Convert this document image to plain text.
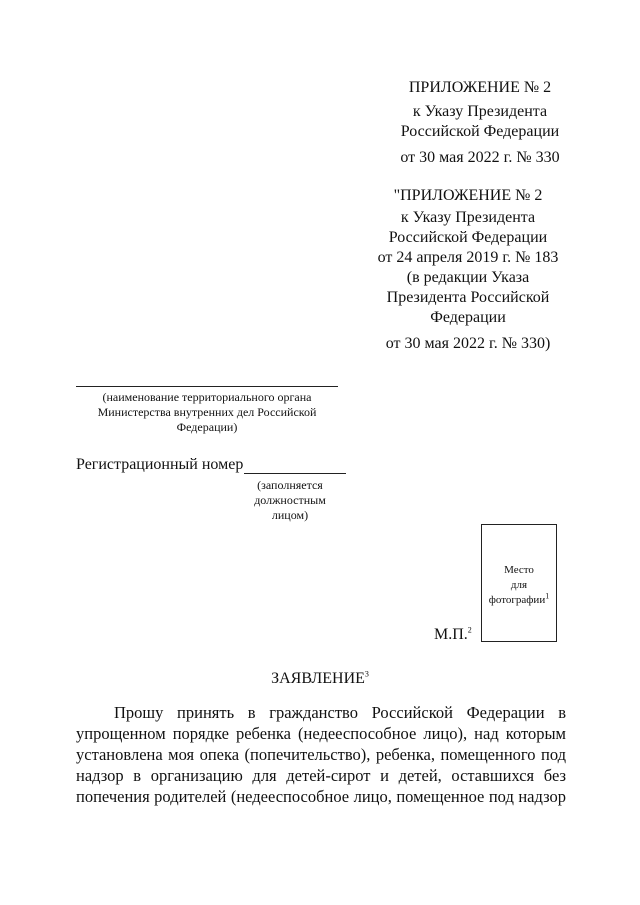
ПРИЛОЖЕНИЕ № 2
к Указу Президента
Российской Федерации
от 30 мая 2022 г. № 330
"ПРИЛОЖЕНИЕ № 2
к Указу Президента
Российской Федерации
от 24 апреля 2019 г. № 183
(в редакции Указа
Президента Российской
Федерации
от 30 мая 2022 г. № 330)
(наименование территориального органа
Министерства внутренних дел Российской
Федерации)
Регистрационный номер
(заполняется
должностным
лицом)
Место
для
фотографии$^1$
М.П.$^2$
ЗАЯВЛЕНИЕ$^3$
Прошу принять в гражданство Российской Федерации в
упрощенном порядке ребенка (недееспособное лицо), над которым
установлена моя опека (попечительство), ребенка, помещенного под
надзор в организацию для детей-сирот и детей, оставшихся без
попечения родителей (недееспособное лицо, помещенное под надзор
